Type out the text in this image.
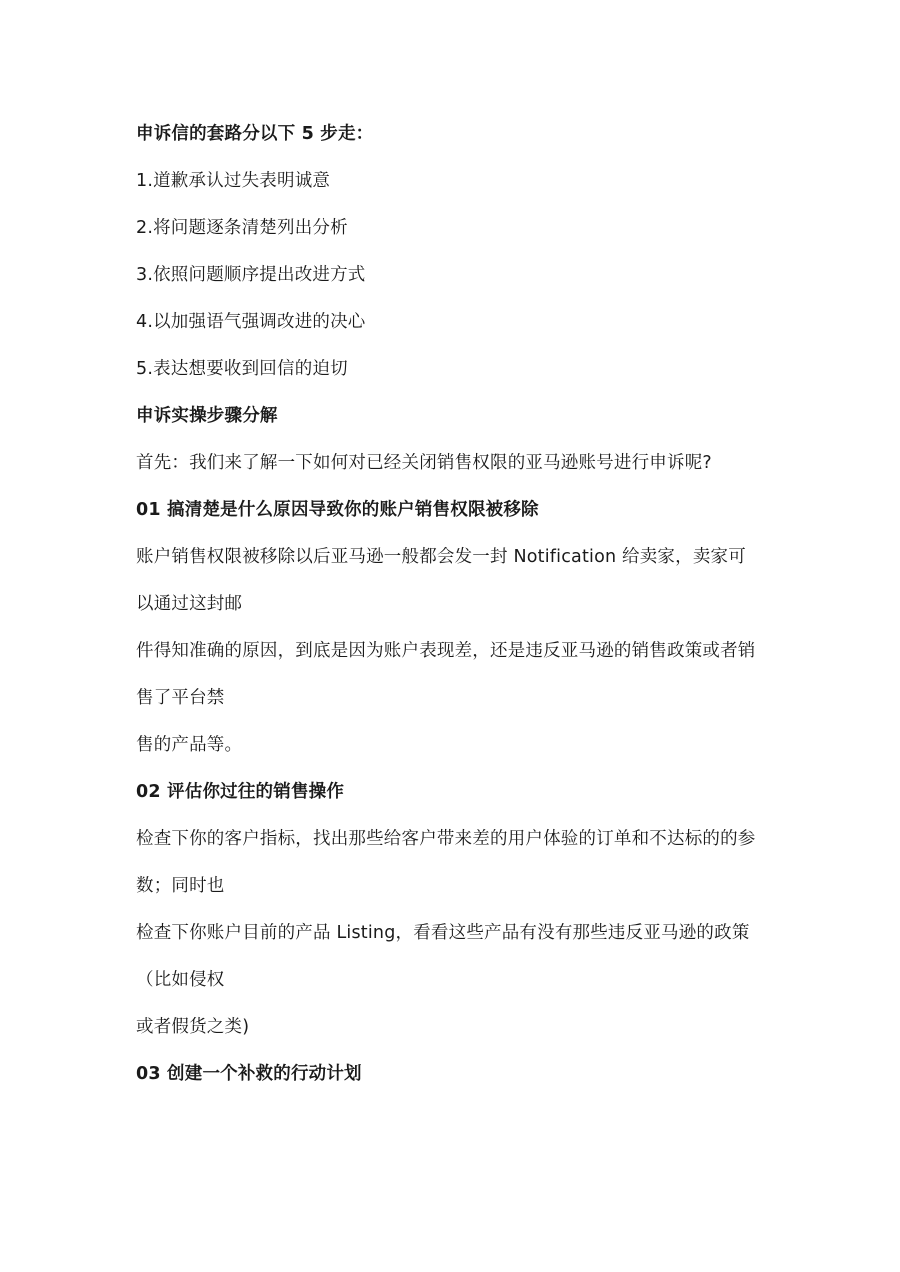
申诉信的套路分以下 5 步走：
1.道歉承认过失表明诚意
2.将问题逐条清楚列出分析
3.依照问题顺序提出改进方式
4.以加强语气强调改进的决心
5.表达想要收到回信的迫切
申诉实操步骤分解
首先：我们来了解一下如何对已经关闭销售权限的亚马逊账号进行申诉呢?
01 搞清楚是什么原因导致你的账户销售权限被移除
账户销售权限被移除以后亚马逊一般都会发一封 Notification 给卖家，卖家可
以通过这封邮
件得知准确的原因，到底是因为账户表现差，还是违反亚马逊的销售政策或者销
售了平台禁
售的产品等。
02 评估你过往的销售操作
检查下你的客户指标，找出那些给客户带来差的用户体验的订单和不达标的的参
数；同时也
检查下你账户目前的产品 Listing，看看这些产品有没有那些违反亚马逊的政策
（比如侵权
或者假货之类)
03 创建一个补救的行动计划
